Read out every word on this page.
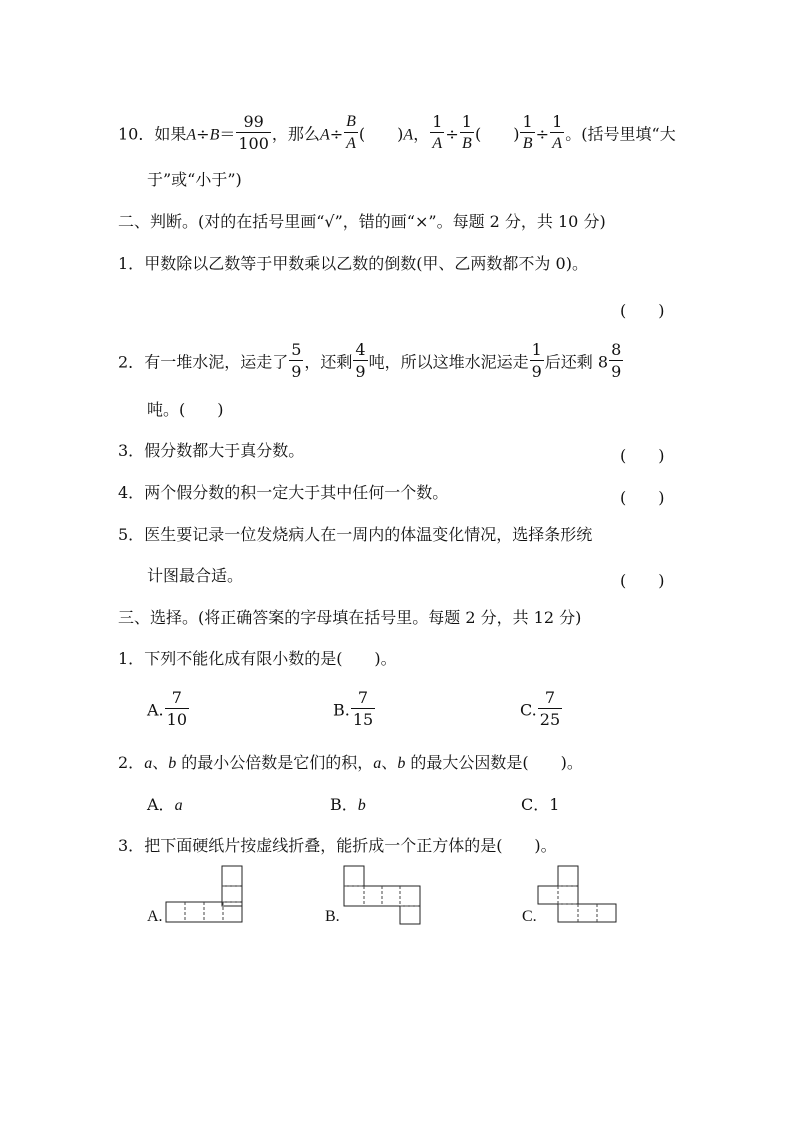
10．如果$A\div B= \frac{99}{100}$ ，那么$A\div \frac{B}{A}$ (　　)A， $\frac{1}{A} \div \frac{1}{B}$ (　　) $\frac{1}{B} \div \frac{1}{A}$ 。(括号里填“大
于”或“小于”)
二、判断。(对的在括号里画“√”，错的画“×”。每题 2 分，共 10 分)
1．甲数除以乙数等于甲数乘以乙数的倒数(甲、乙两数都不为 0)。
(　　)
2．有一堆水泥，运走了 $\frac{5}{9}$ ，还剩 $\frac{4}{9}$ 吨，所以这堆水泥运走 $\frac{1}{9}$ 后还剩 $8 \frac{8}{9}$
吨。(　　)
3．假分数都大于真分数。	(　　)
4．两个假分数的积一定大于其中任何一个数。	(　　)
5．医生要记录一位发烧病人在一周内的体温变化情况，选择条形统
计图最合适。	(　　)
三、选择。(将正确答案的字母填在括号里。每题 2 分，共 12 分)
1．下列不能化成有限小数的是(　　)。
A. $\frac{7}{10}$	B. $\frac{7}{15}$	C. $\frac{7}{25}$
2．a、b 的最小公倍数是它们的积，a、b 的最大公因数是(　　)。
A．a	B．b	C．1
3．把下面硬纸片按虚线折叠，能折成一个正方体的是(　　)。
A.	B.	C.
